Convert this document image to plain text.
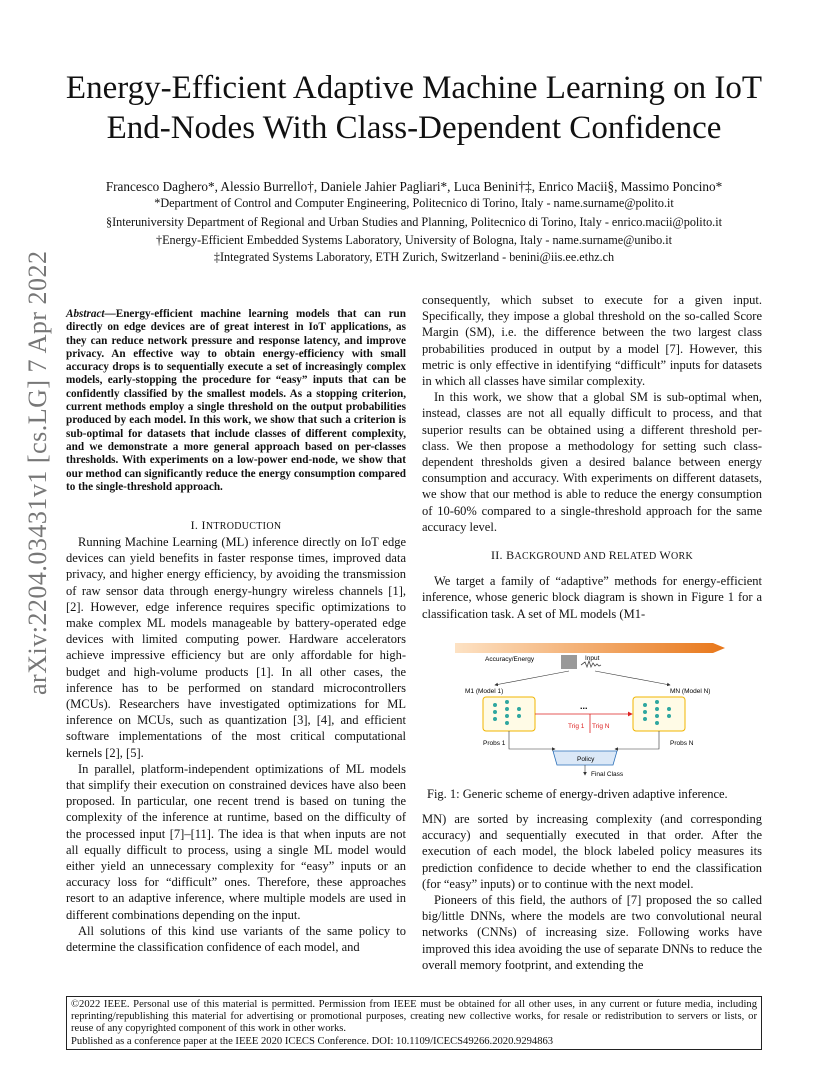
Energy-Efficient Adaptive Machine Learning on IoT
End-Nodes With Class-Dependent Confidence
Francesco Daghero*, Alessio Burrello†, Daniele Jahier Pagliari*, Luca Benini†‡, Enrico Macii§, Massimo Poncino*
*Department of Control and Computer Engineering, Politecnico di Torino, Italy - name.surname@polito.it
§Interuniversity Department of Regional and Urban Studies and Planning, Politecnico di Torino, Italy - enrico.macii@polito.it
†Energy-Efficient Embedded Systems Laboratory, University of Bologna, Italy - name.surname@unibo.it
‡Integrated Systems Laboratory, ETH Zurich, Switzerland - benini@iis.ee.ethz.ch
arXiv:2204.03431v1 [cs.LG] 7 Apr 2022 Abstract—Energy-efficient machine learning models that can run directly on edge devices are of great interest in IoT applications, as they can reduce network pressure and response latency, and improve privacy. An effective way to obtain energy-efficiency with small accuracy drops is to sequentially execute a set of increasingly complex models, early-stopping the procedure for “easy” inputs that can be confidently classified by the smallest models. As a stopping criterion, current methods employ a single threshold on the output probabilities produced by each model. In this work, we show that such a criterion is sub-optimal for datasets that include classes of different complexity, and we demonstrate a more general approach based on per-classes thresholds. With experiments on a low-power end-node, we show that our method can significantly reduce the energy consumption compared to the single-threshold approach.
I. INTRODUCTION

Running Machine Learning (ML) inference directly on IoT edge devices can yield benefits in faster response times, improved data privacy, and higher energy efficiency, by avoiding the transmission of raw sensor data through energy-hungry wireless channels [1], [2]. However, edge inference requires specific optimizations to make complex ML models manageable by battery-operated edge devices with limited computing power. Hardware accelerators achieve impressive efficiency but are only affordable for high-budget and high-volume products [1]. In all other cases, the inference has to be performed on standard microcontrollers (MCUs). Researchers have investigated optimizations for ML inference on MCUs, such as quantization [3], [4], and efficient software implementations of the most critical computational kernels [2], [5].

In parallel, platform-independent optimizations of ML models that simplify their execution on constrained devices have also been proposed. In particular, one recent trend is based on tuning the complexity of the inference at runtime, based on the difficulty of the processed input [7]–[11]. The idea is that when inputs are not all equally difficult to process, using a single ML model would either yield an unnecessary complexity for “easy” inputs or an accuracy loss for “difficult” ones. Therefore, these approaches resort to an adaptive inference, where multiple models are used in different combinations depending on the input.

All solutions of this kind use variants of the same policy to determine the classification confidence of each model, and

consequently, which subset to execute for a given input. Specifically, they impose a global threshold on the so-called Score Margin (SM), i.e. the difference between the two largest class probabilities produced in output by a model [7]. However, this metric is only effective in identifying “difficult” inputs for datasets in which all classes have similar complexity.

In this work, we show that a global SM is sub-optimal when, instead, classes are not all equally difficult to process, and that superior results can be obtained using a different threshold per-class. We then propose a methodology for setting such class-dependent thresholds given a desired balance between energy consumption and accuracy. With experiments on different datasets, we show that our method is able to reduce the energy consumption of 10-60% compared to a single-threshold approach for the same accuracy level.

II. BACKGROUND AND RELATED WORK

We target a family of “adaptive” methods for energy-efficient inference, whose generic block diagram is shown in Figure 1 for a classification task. A set of ML models (M1-

Accuracy/Energy	Input
M1 (Model 1)	MN (Model N)
...
Trig 1 Trig N
Probs 1	Probs N
Policy
Final Class
Fig. 1: Generic scheme of energy-driven adaptive inference.

MN) are sorted by increasing complexity (and corresponding accuracy) and sequentially executed in that order. After the execution of each model, the block labeled policy measures its prediction confidence to decide whether to end the classification (for “easy” inputs) or to continue with the next model.

Pioneers of this field, the authors of [7] proposed the so called big/little DNNs, where the models are two convolutional neural networks (CNNs) of increasing size. Following works have improved this idea avoiding the use of separate DNNs to reduce the overall memory footprint, and extending the

©2022 IEEE. Personal use of this material is permitted. Permission from IEEE must be obtained for all other uses, in any current or future media, including reprinting/republishing this material for advertising or promotional purposes, creating new collective works, for resale or redistribution to servers or lists, or reuse of any copyrighted component of this work in other works.
Published as a conference paper at the IEEE 2020 ICECS Conference. DOI: 10.1109/ICECS49266.2020.9294863
